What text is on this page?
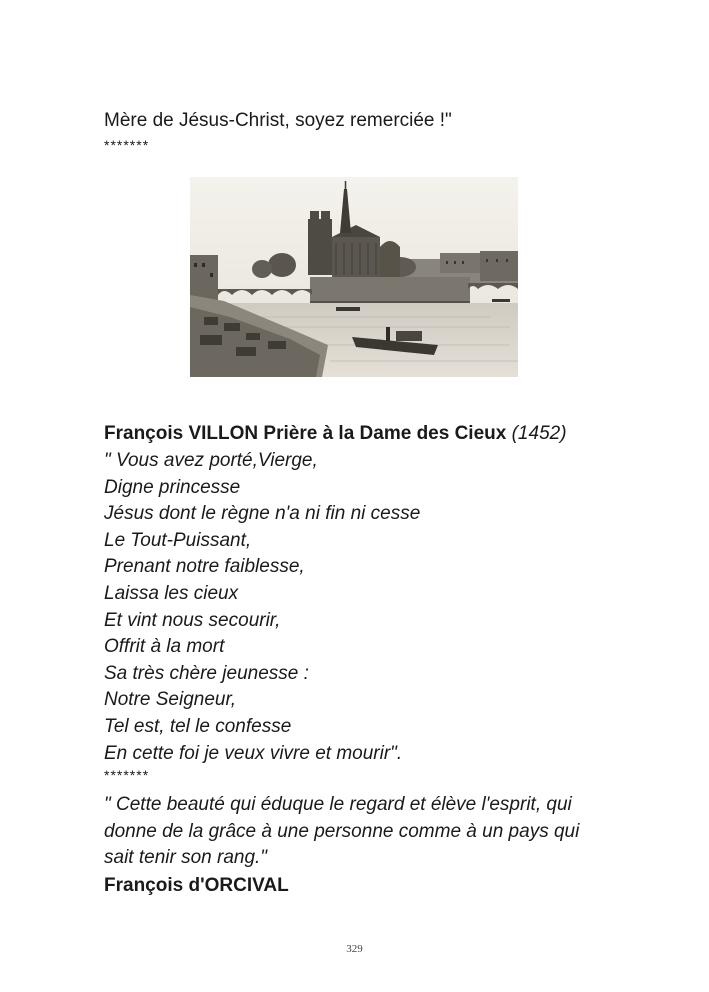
Mère de Jésus-Christ, soyez remerciée !"
*******
François VILLON Prière à la Dame des Cieux (1452)
" Vous avez porté,Vierge,
Digne princesse
Jésus dont le règne n'a ni fin ni cesse
Le Tout-Puissant,
Prenant notre faiblesse,
Laissa les cieux
Et vint nous secourir,
Offrit à la mort
Sa très chère jeunesse :
Notre Seigneur,
Tel est, tel le confesse
En cette foi je veux vivre et mourir".
*******
" Cette beauté qui éduque le regard et élève l'esprit, qui
donne de la grâce à une personne comme à un pays qui
sait tenir son rang."
François d'ORCIVAL
329
